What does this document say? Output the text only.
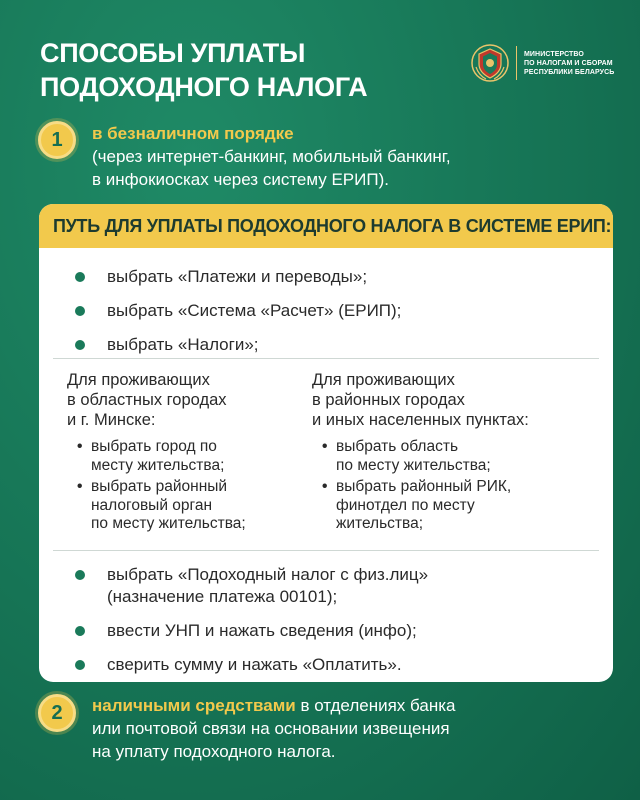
СПОСОБЫ УПЛАТЫ
ПОДОХОДНОГО НАЛОГА
МИНИСТЕРСТВО
ПО НАЛОГАМ И СБОРАМ
РЕСПУБЛИКИ БЕЛАРУСЬ
1	в безналичном порядке
(через интернет-банкинг, мобильный банкинг,
в инфокиосках через систему ЕРИП).
ПУТЬ ДЛЯ УПЛАТЫ ПОДОХОДНОГО НАЛОГА В СИСТЕМЕ ЕРИП:
выбрать «Платежи и переводы»;
выбрать «Система «Расчет» (ЕРИП);
выбрать «Налоги»;
Для проживающих
в областных городах
и г. Минске:
• выбрать город по
месту жительства;
• выбрать районный
налоговый орган
по месту жительства;
Для проживающих
в районных городах
и иных населенных пунктах:
• выбрать область
по месту жительства;
• выбрать районный РИК,
финотдел по месту
жительства;
выбрать «Подоходный налог с физ.лиц»
(назначение платежа 00101);
ввести УНП и нажать сведения (инфо);
сверить сумму и нажать «Оплатить».
2	наличными средствами в отделениях банка
или почтовой связи на основании извещения
на уплату подоходного налога.
